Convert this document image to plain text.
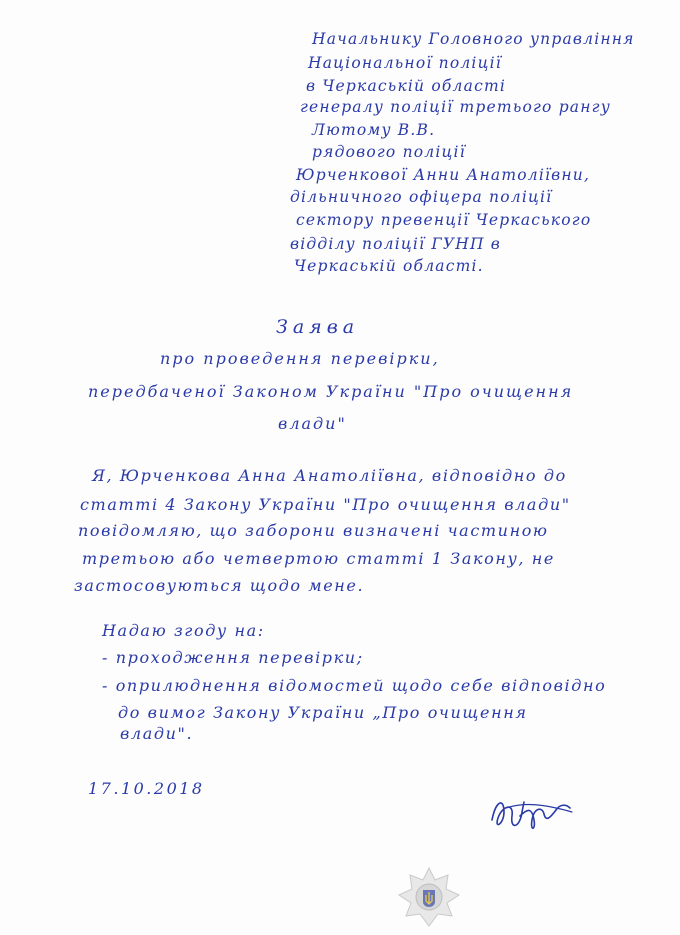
Начальнику Головного управління
Національної поліції
в Черкаській області
генералу поліції третього рангу
Лютому В.В.
рядового поліції
Юрченкової Анни Анатоліївни,
дільничного офіцера поліції
сектору превенції Черкаського
відділу поліції ГУНП в
Черкаській області.
Заява
про проведення перевірки,
передбаченої Законом України "Про очищення
влади"
Я, Юрченкова Анна Анатоліївна, відповідно до
статті 4 Закону України "Про очищення влади"
повідомляю, що заборони визначені частиною
третьою або четвертою статті 1 Закону, не
застосовуються щодо мене.
Надаю згоду на:
- проходження перевірки;
- оприлюднення відомостей щодо себе відповідно
до вимог Закону України „Про очищення
влади".
17.10.2018
